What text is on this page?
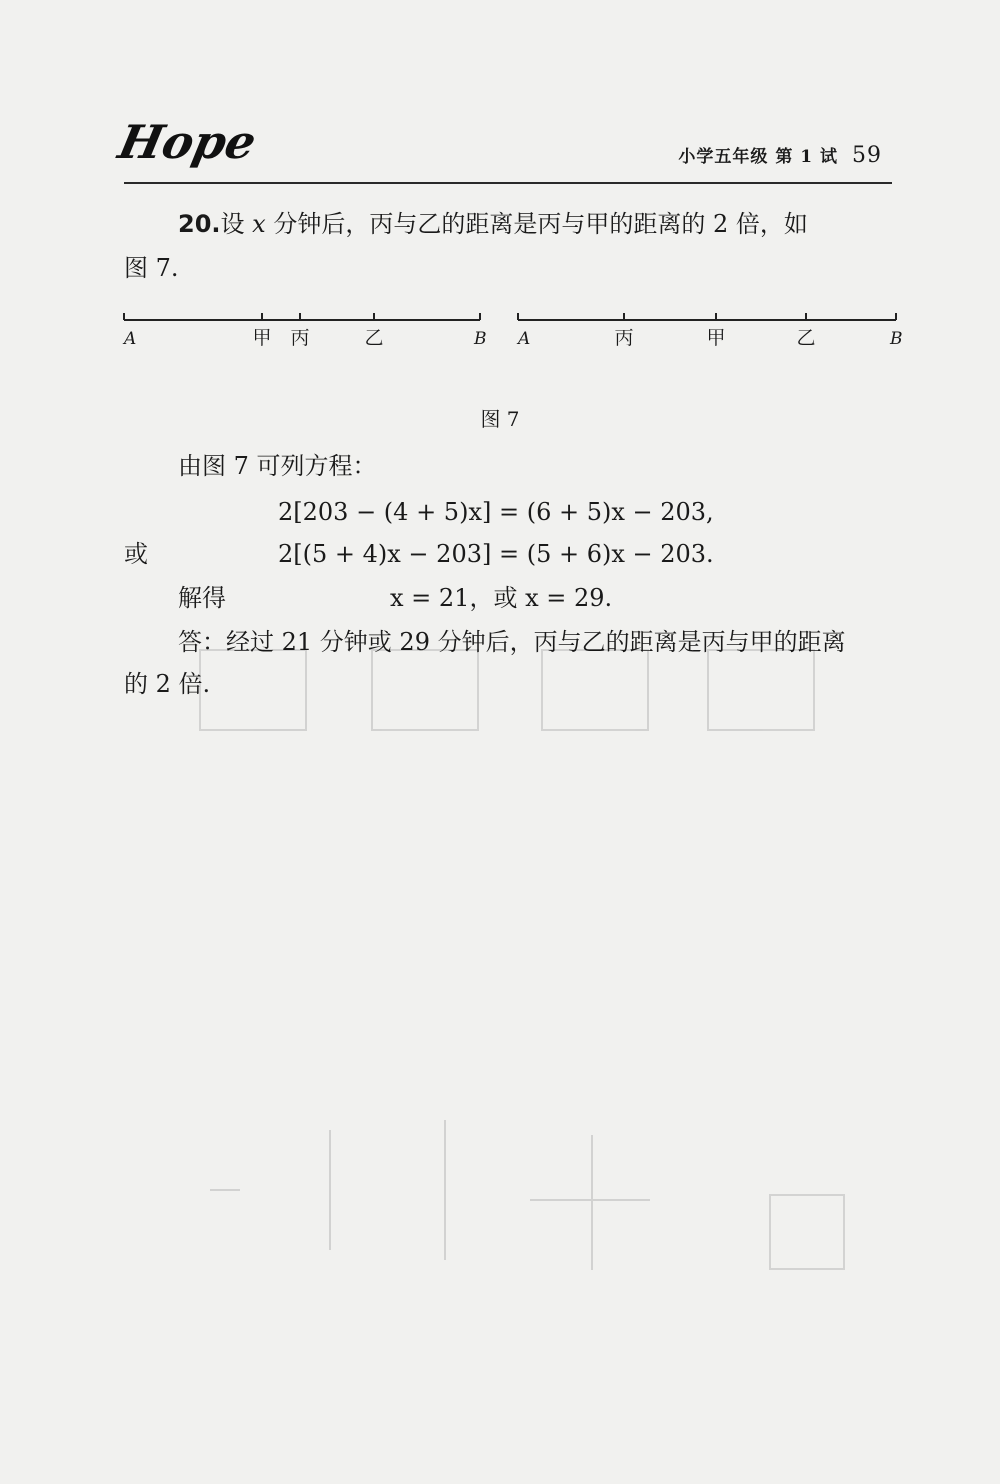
Hope	小学五年级 第 1 试 59
20.设 x 分钟后，丙与乙的距离是丙与甲的距离的 2 倍，如
图 7.
A	甲 丙	乙	B A	丙	甲	乙	B
图 7
由图 7 可列方程：
2[203 − (4 + 5)x] = (6 + 5)x − 203,
或	2[(5 + 4)x − 203] = (5 + 6)x − 203.
解得	x = 21，或 x = 29.
答：经过 21 分钟或 29 分钟后，丙与乙的距离是丙与甲的距离
的 2 倍.
